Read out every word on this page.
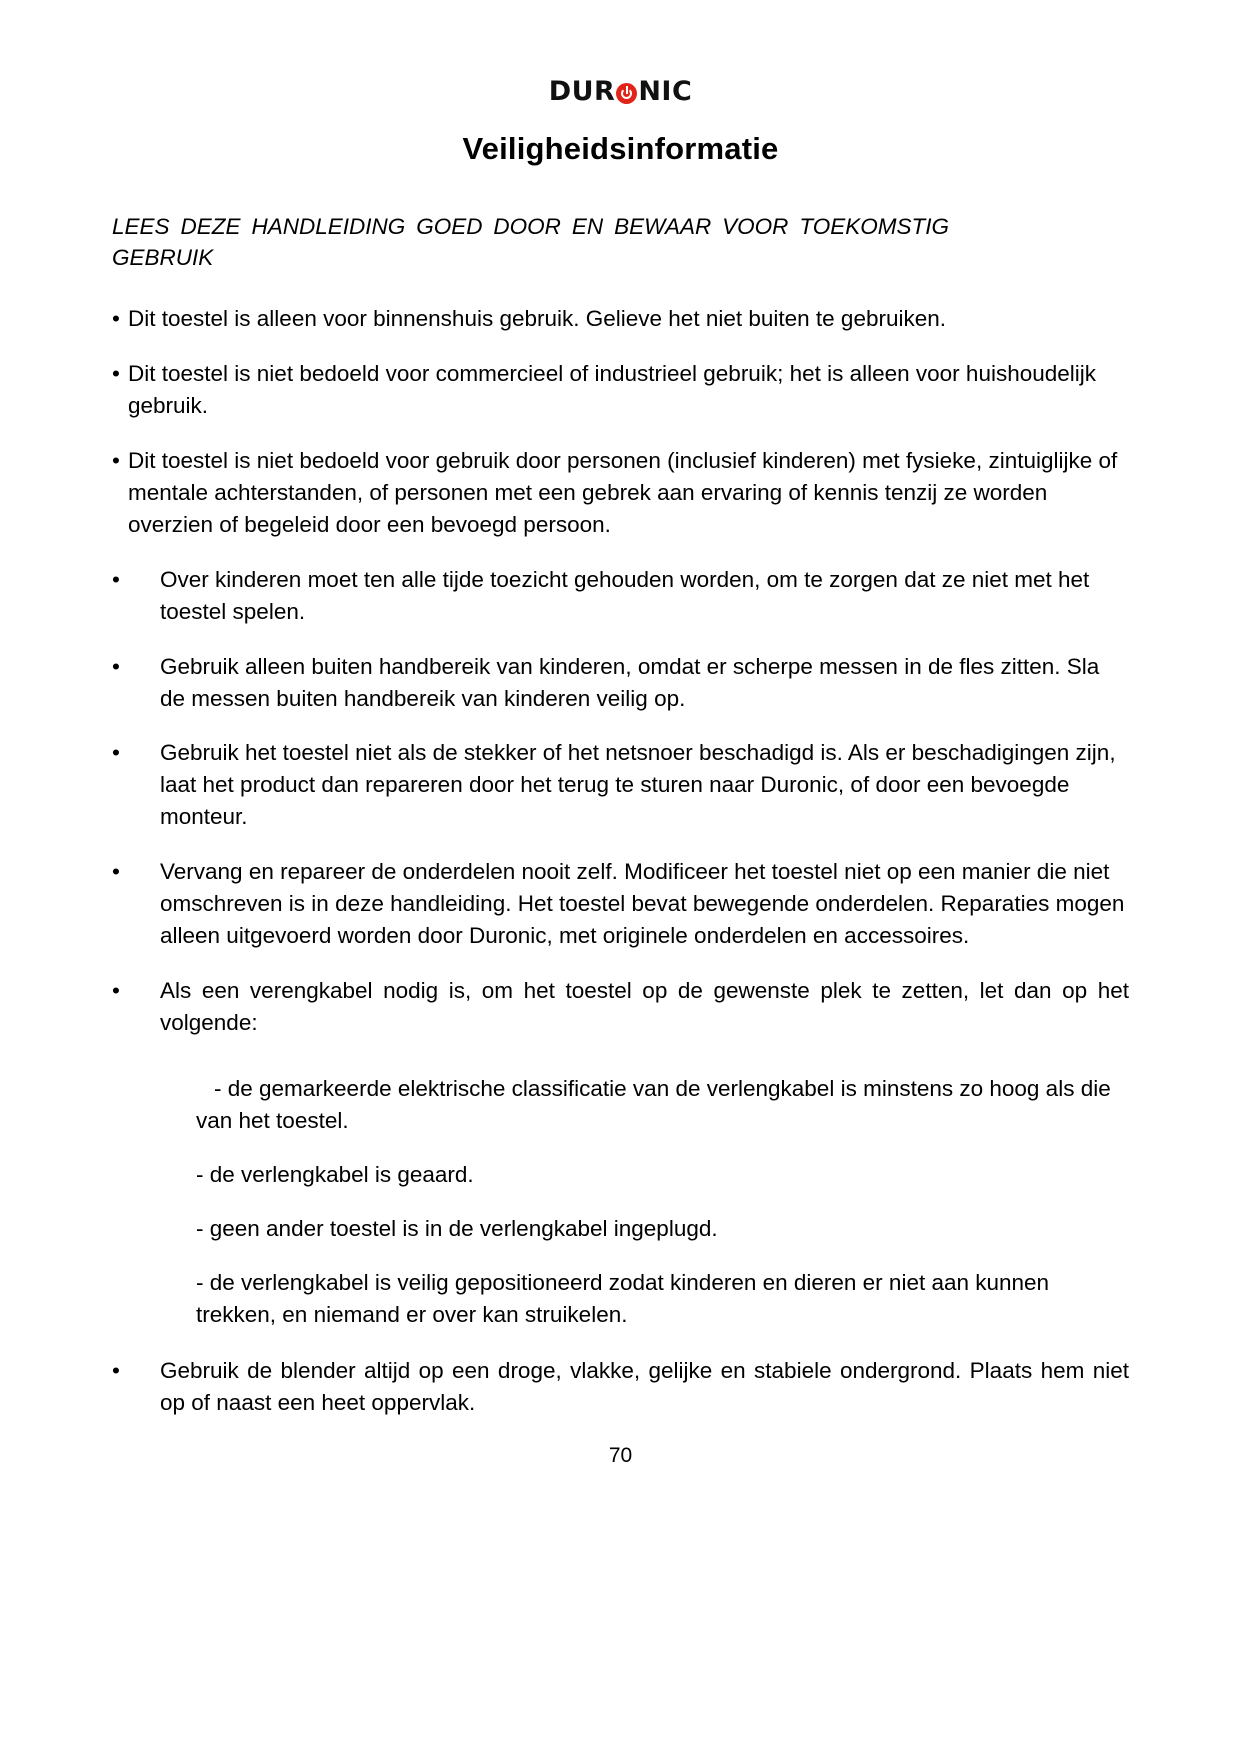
DUR NIC
Veiligheidsinformatie

LEES DEZE HANDLEIDING GOED DOOR EN BEWAAR VOOR TOEKOMSTIG GEBRUIK

• Dit toestel is alleen voor binnenshuis gebruik. Gelieve het niet buiten te gebruiken.

• Dit toestel is niet bedoeld voor commercieel of industrieel gebruik; het is alleen voor huishoudelijk gebruik.

• Dit toestel is niet bedoeld voor gebruik door personen (inclusief kinderen) met fysieke, zintuiglijke of mentale achterstanden, of personen met een gebrek aan ervaring of kennis tenzij ze worden overzien of begeleid door een bevoegd persoon.

•	Over kinderen moet ten alle tijde toezicht gehouden worden, om te zorgen dat ze niet met het toestel spelen.

•	Gebruik alleen buiten handbereik van kinderen, omdat er scherpe messen in de fles zitten. Sla de messen buiten handbereik van kinderen veilig op.

•	Gebruik het toestel niet als de stekker of het netsnoer beschadigd is. Als er beschadigingen zijn, laat het product dan repareren door het terug te sturen naar Duronic, of door een bevoegde monteur.

•	Vervang en repareer de onderdelen nooit zelf. Modificeer het toestel niet op een manier die niet omschreven is in deze handleiding. Het toestel bevat bewegende onderdelen. Reparaties mogen alleen uitgevoerd worden door Duronic, met originele onderdelen en accessoires.

•	Als een verengkabel nodig is, om het toestel op de gewenste plek te zetten, let dan op het volgende:

- de gemarkeerde elektrische classificatie van de verlengkabel is minstens zo hoog als die van het toestel.

- de verlengkabel is geaard.

- geen ander toestel is in de verlengkabel ingeplugd.

- de verlengkabel is veilig gepositioneerd zodat kinderen en dieren er niet aan kunnen trekken, en niemand er over kan struikelen.

•	Gebruik de blender altijd op een droge, vlakke, gelijke en stabiele ondergrond. Plaats hem niet op of naast een heet oppervlak.

70
